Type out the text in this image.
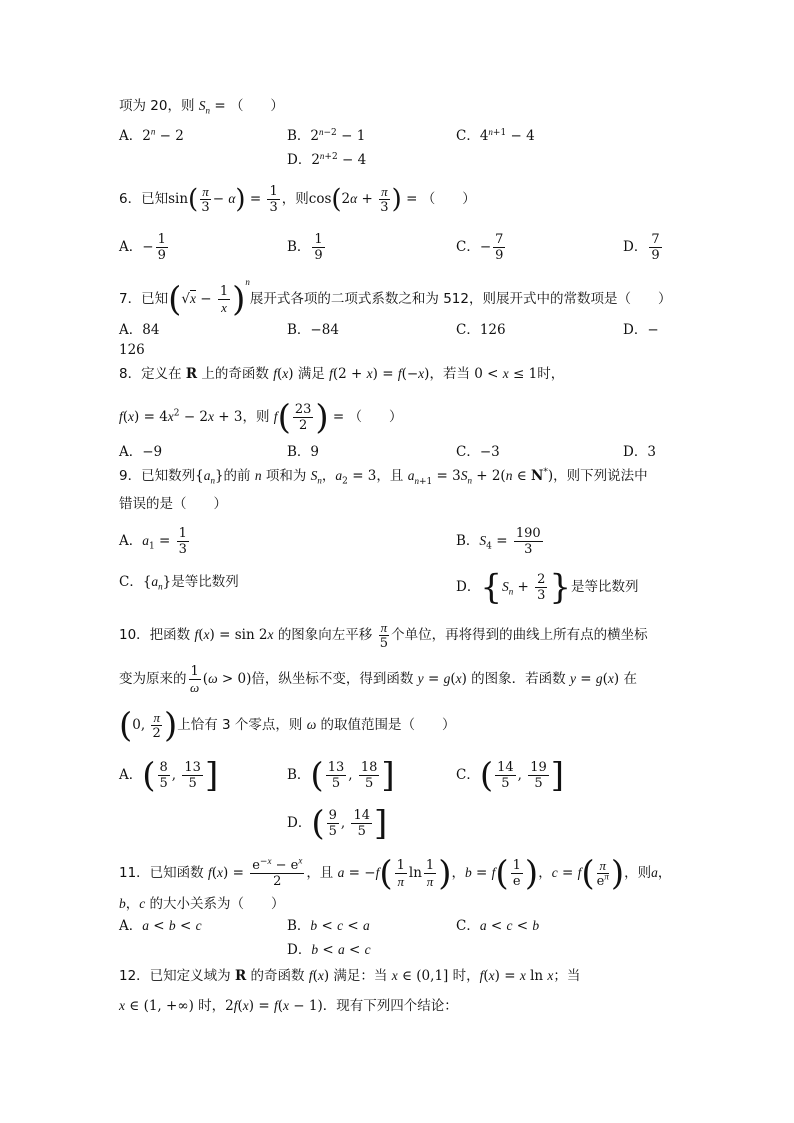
项为 20，则 $S_n$ = （　　）
A．$2^n - 2$	B．$2^{n-2} - 1$	C．$4^{n+1} - 4$
D．$2^{n+2} - 4$
6．已知$\sin( \frac{\pi}{3} - \alpha) = \frac{1}{3}$ ，则$\cos(2\alpha + \frac{\pi}{3}$ ) = （　　）
A．− $\frac{1}{9}$	B． $\frac{1}{9}$	C．− $\frac{7}{9}$	D． $\frac{7}{9}$
7．已知$(√x - \frac{1}{x} )^n$展开式各项的二项式系数之和为 512，则展开式中的常数项是（　　）
A．84	B．−84	C．126	D．−
126
8．定义在 R 上的奇函数 f(x) 满足 f(2 + x) = f(−x)，若当 0 < x ≤ 1时，
$f(x) = 4x^2 - 2x + 3$，则 $f( \frac{23}{2}$ ) = （　　）
A．−9	B．9	C．−3	D．3
9．已知数列$\{a_n\}$的前 n 项和为 $S_n$，$a_2 = 3$，且 $a_{n+1} = 3S_n + 2(n$ ∈ N*)，则下列说法中
错误的是（　　）
A．$a_1 = \frac{1}{3}$	B．$S_4 = \frac{190}{3}$
C．$\{a_n\}$是等比数列	D．{$S_n + \frac{2}{3}$ }是等比数列
10．把函数 f(x) = sin 2x 的图象向左平移 $\frac{\pi}{5}$ 个单位，再将得到的曲线上所有点的横坐标
变为原来的 $\frac{1}{\omega} (\omega > 0)$倍，纵坐标不变，得到函数 y = g(x) 的图象．若函数 y = g(x) 在
(0, $\frac{\pi}{2}$ )上恰有 3 个零点，则 ω 的取值范围是（　　）
A．( $\frac{8}{5}$ , $\frac{13}{5}$ ]	B．( $\frac{13}{5}$ , $\frac{18}{5}$ ]	C．( $\frac{14}{5}$ , $\frac{19}{5}$ ]
D．( $\frac{9}{5}$ , $\frac{14}{5}$ ]
11．已知函数 $f(x) = \frac{e^{-x} - e^x}{2}$ ，且 $a = -f( \frac{1}{\pi}$ $\ln \frac{1}{\pi}$ )，$b = f( \frac{1}{e}$ )，$c = f( \frac{\pi}{e^\pi}$ )，则a，
b，c 的大小关系为（　　）
A．a < b < c	B．b < c < a	C．a < c < b
D．b < a < c
12．已知定义域为 R 的奇函数 f(x) 满足：当 x ∈ (0,1] 时，f(x) = x ln x；当
x ∈ (1, +∞) 时，2f(x) = f(x − 1)．现有下列四个结论：
